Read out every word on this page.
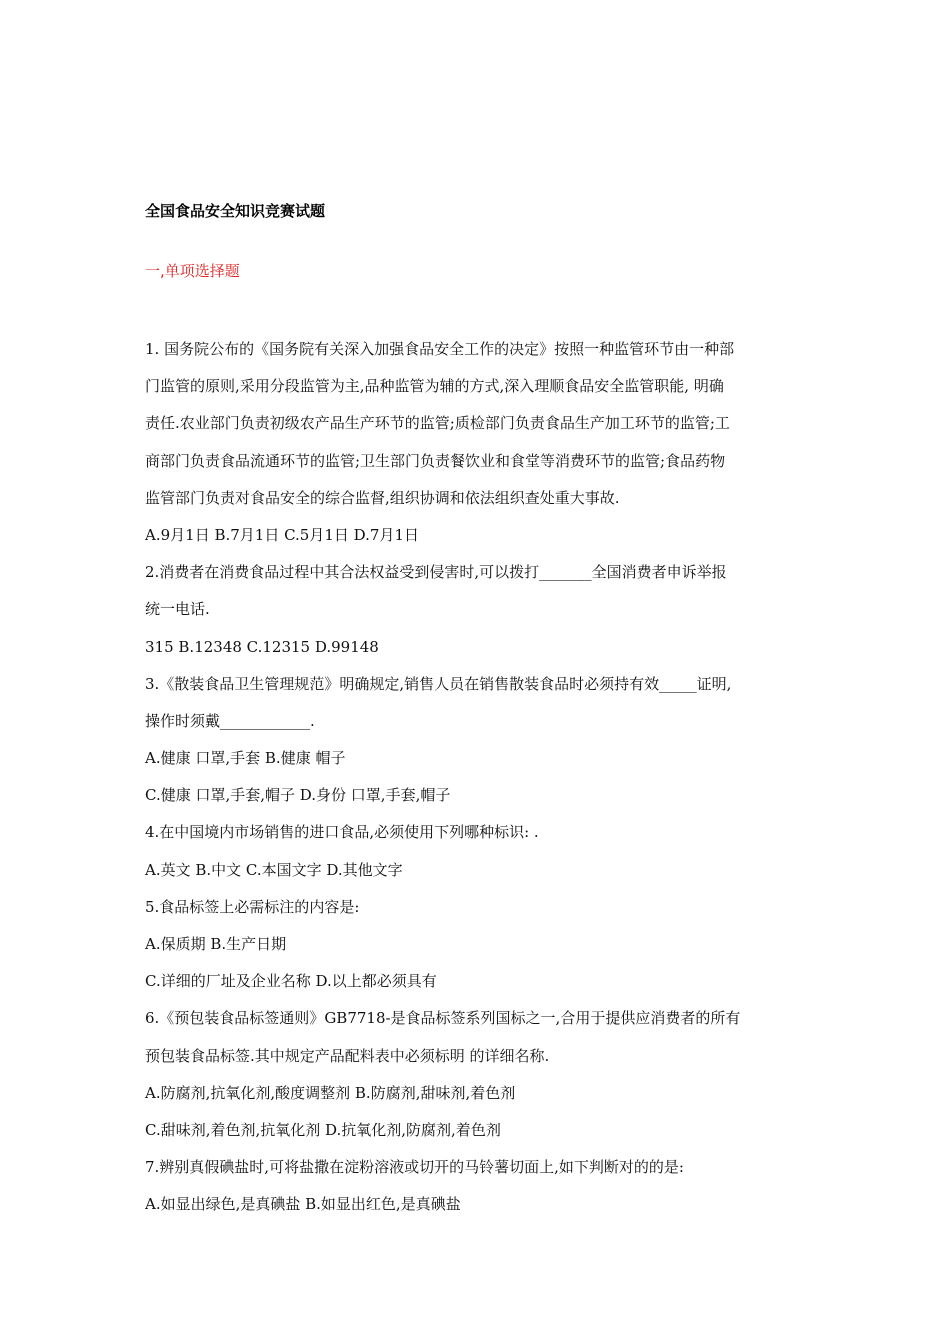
全国食品安全知识竞赛试题
一,单项选择题
1. 国务院公布的《国务院有关深入加强食品安全工作的决定》按照一种监管环节由一种部
门监管的原则,采用分段监管为主,品种监管为辅的方式,深入理顺食品安全监管职能, 明确
责任.农业部门负责初级农产品生产环节的监管;质检部门负责食品生产加工环节的监管;工
商部门负责食品流通环节的监管;卫生部门负责餐饮业和食堂等消费环节的监管;食品药物
监管部门负责对食品安全的综合监督,组织协调和依法组织查处重大事故.
A.9月1日 B.7月1日 C.5月1日 D.7月1日
2.消费者在消费食品过程中其合法权益受到侵害时,可以拨打_______全国消费者申诉举报
统一电话.
315 B.12348 C.12315 D.99148
3.《散装食品卫生管理规范》明确规定,销售人员在销售散装食品时必须持有效_____证明,
操作时须戴____________.
A.健康 口罩,手套 B.健康 帽子
C.健康 口罩,手套,帽子 D.身份 口罩,手套,帽子
4.在中国境内市场销售的进口食品,必须使用下列哪种标识: .
A.英文 B.中文 C.本国文字 D.其他文字
5.食品标签上必需标注的内容是:
A.保质期 B.生产日期
C.详细的厂址及企业名称 D.以上都必须具有
6.《预包装食品标签通则》GB7718-是食品标签系列国标之一,合用于提供应消费者的所有
预包装食品标签.其中规定产品配料表中必须标明 的详细名称.
A.防腐剂,抗氧化剂,酸度调整剂 B.防腐剂,甜味剂,着色剂
C.甜味剂,着色剂,抗氧化剂 D.抗氧化剂,防腐剂,着色剂
7.辨别真假碘盐时,可将盐撒在淀粉溶液或切开的马铃薯切面上,如下判断对的的是:
A.如显出绿色,是真碘盐 B.如显出红色,是真碘盐
